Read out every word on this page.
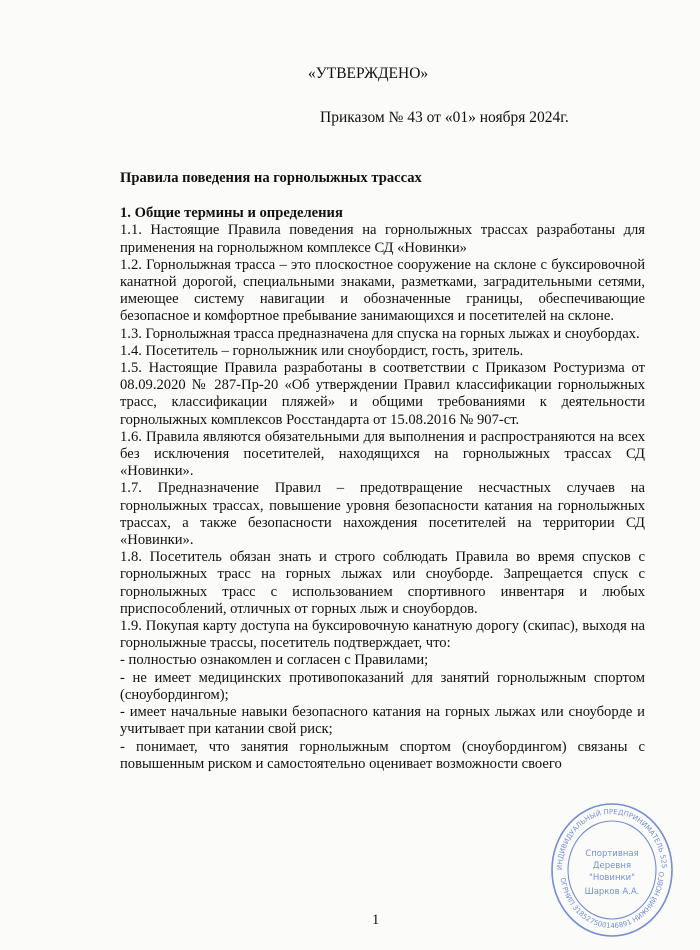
«УТВЕРЖДЕНО»
Приказом № 43 от «01» ноября 2024г.

Правила поведения на горнолыжных трассах

1. Общие термины и определения

1.1. Настоящие Правила поведения на горнолыжных трассах разработаны для применения на горнолыжном комплексе СД «Новинки»

1.2. Горнолыжная трасса – это плоскостное сооружение на склоне с буксировочной канатной дорогой, специальными знаками, разметками, заградительными сетями, имеющее систему навигации и обозначенные границы, обеспечивающие безопасное и комфортное пребывание занимающихся и посетителей на склоне.

1.3. Горнолыжная трасса предназначена для спуска на горных лыжах и сноубордах.

1.4. Посетитель – горнолыжник или сноубордист, гость, зритель.

1.5. Настоящие Правила разработаны в соответствии с Приказом Ростуризма от 08.09.2020 № 287-Пр-20 «Об утверждении Правил классификации горнолыжных трасс, классификации пляжей» и общими требованиями к деятельности горнолыжных комплексов Росстандарта от 15.08.2016 № 907-ст.

1.6. Правила являются обязательными для выполнения и распространяются на всех без исключения посетителей, находящихся на горнолыжных трассах СД «Новинки».

1.7. Предназначение Правил – предотвращение несчастных случаев на горнолыжных трассах, повышение уровня безопасности катания на горнолыжных трассах, а также безопасности нахождения посетителей на территории СД «Новинки».

1.8. Посетитель обязан знать и строго соблюдать Правила во время спусков с горнолыжных трасс на горных лыжах или сноуборде. Запрещается спуск с горнолыжных трасс с использованием спортивного инвентаря и любых приспособлений, отличных от горных лыж и сноубордов.

1.9. Покупая карту доступа на буксировочную канатную дорогу (скипас), выходя на горнолыжные трассы, посетитель подтверждает, что:

- полностью ознакомлен и согласен с Правилами;

- не имеет медицинских противопоказаний для занятий горнолыжным спортом (сноубордингом);

- имеет начальные навыки безопасного катания на горных лыжах или сноуборде и учитывает при катании свой риск;

- понимает, что занятия горнолыжным спортом (сноубордингом) связаны с повышенным риском и самостоятельно оценивает возможности своего

1
ИНДИВИДУАЛЬНЫЙ ПРЕДПРИНИМАТЕЛЬ 525
ОГРНИП 318527500146891 НИЖНИЙ НОВГО
Спортивная
Деревня
"Новинки"
Шарков А.А.
